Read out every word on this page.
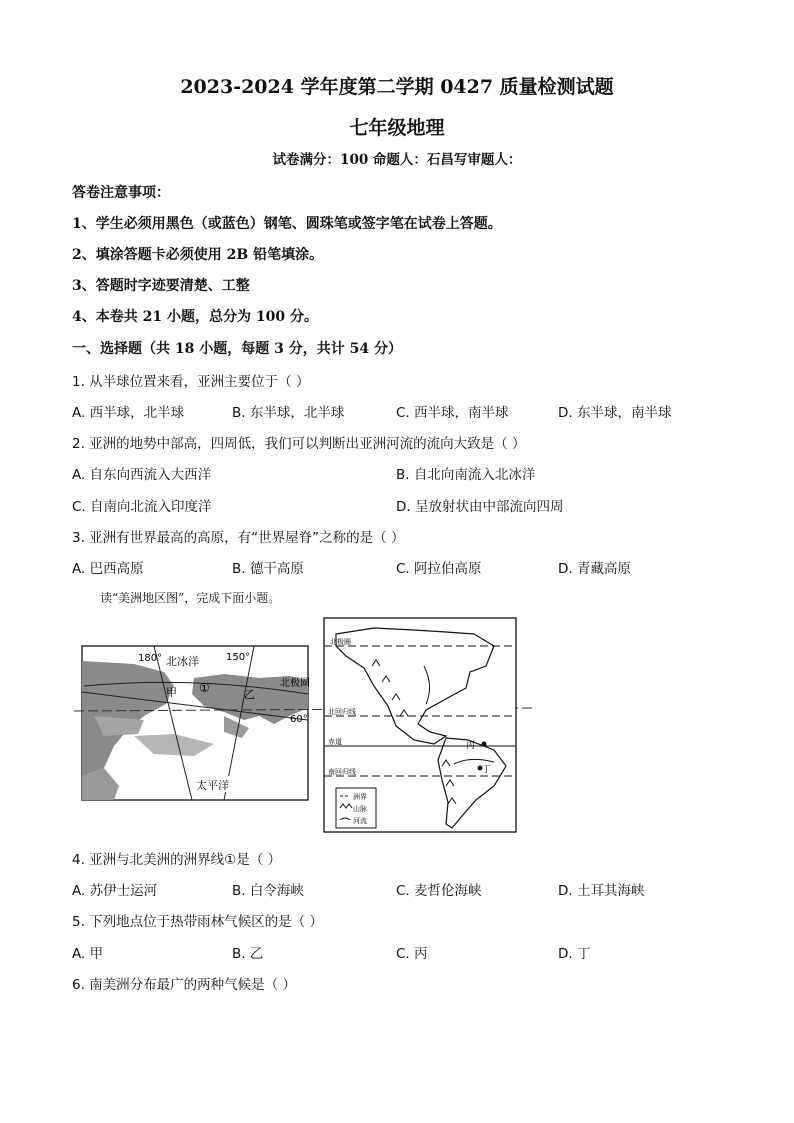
2023-2024 学年度第二学期 0427 质量检测试题
七年级地理
试卷满分：100 命题人：石昌写审题人：
答卷注意事项：
1、学生必须用黑色（或蓝色）钢笔、圆珠笔或签字笔在试卷上答题。
2、填涂答题卡必须使用 2B 铅笔填涂。
3、答题时字迹要清楚、工整
4、本卷共 21 小题，总分为 100 分。
一、选择题（共 18 小题，每题 3 分，共计 54 分）
1. 从半球位置来看，亚洲主要位于（ ）
A. 西半球，北半球	B. 东半球，北半球	C. 西半球，南半球	D. 东半球，南半球
2. 亚洲的地势中部高，四周低，我们可以判断出亚洲河流的流向大致是（ ）
A. 自东向西流入大西洋	B. 自北向南流入北冰洋
C. 自南向北流入印度洋	D. 呈放射状由中部流向四周
3. 亚洲有世界最高的高原，有“世界屋脊”之称的是（ ）
A. 巴西高原	B. 德干高原	C. 阿拉伯高原	D. 青藏高原
读“美洲地区图”，完成下面小题。
180° 北冰洋	150°
甲 ①	乙
北极圈
60°
太平洋
北极圈
北回归线
赤道
南回归线
丙
丁
洲界
山脉
河流
4. 亚洲与北美洲的洲界线①是（ ）
A. 苏伊士运河	B. 白令海峡	C. 麦哲伦海峡	D. 土耳其海峡
5. 下列地点位于热带雨林气候区的是（ ）
A. 甲	B. 乙	C. 丙	D. 丁
6. 南美洲分布最广的两种气候是（ ）
